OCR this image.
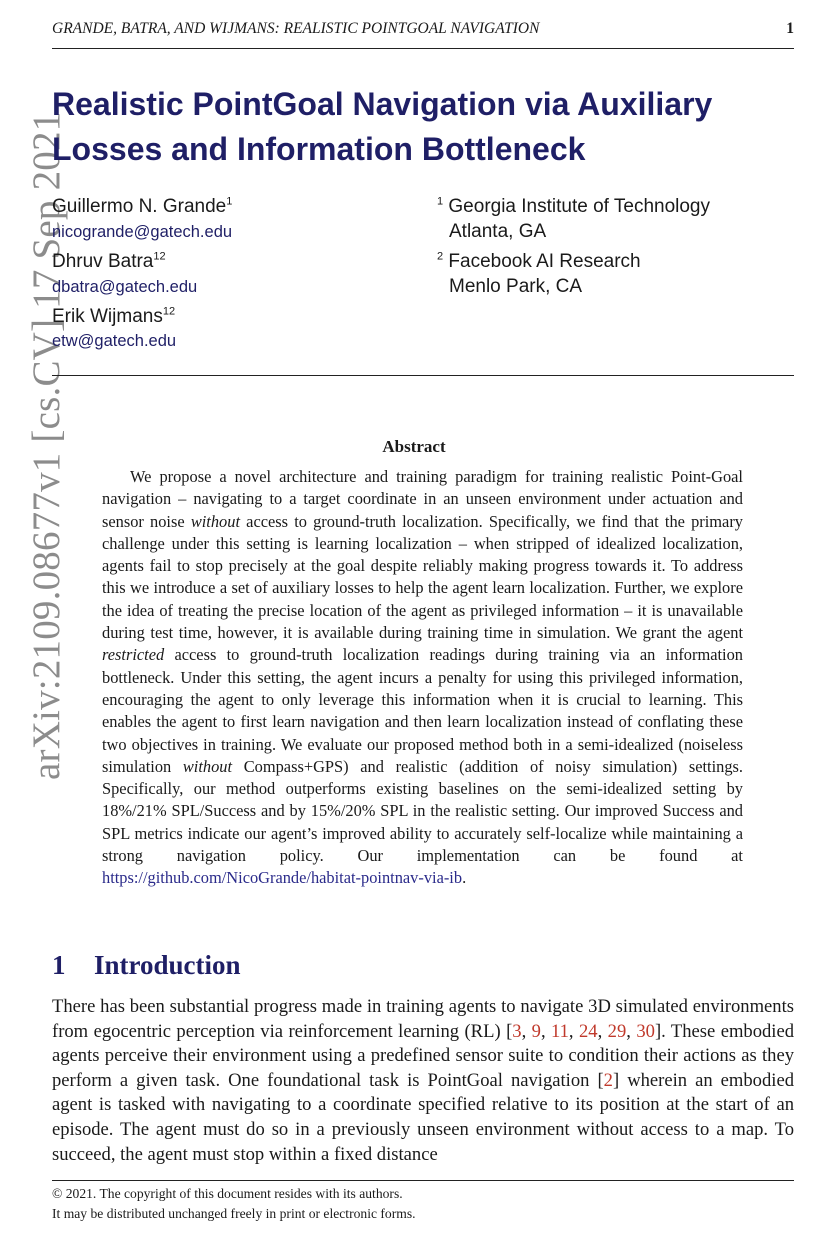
GRANDE, BATRA, AND WIJMANS: REALISTIC POINTGOAL NAVIGATION	1
arXiv:2109.08677v1 [cs.CV] 17 Sep 2021
Realistic PointGoal Navigation via Auxiliary
Losses and Information Bottleneck
Guillermo N. Grande$^1$
nicogrande@gatech.edu
Dhruv Batra$^{12}$
dbatra@gatech.edu
Erik Wijmans$^{12}$
etw@gatech.edu
$^1$ Georgia Institute of Technology
Atlanta, GA
$^2$ Facebook AI Research
Menlo Park, CA
Abstract

We propose a novel architecture and training paradigm for training realistic Point-Goal navigation – navigating to a target coordinate in an unseen environment under actuation and sensor noise without access to ground-truth localization. Specifically, we find that the primary challenge under this setting is learning localization – when stripped of idealized localization, agents fail to stop precisely at the goal despite reliably making progress towards it. To address this we introduce a set of auxiliary losses to help the agent learn localization. Further, we explore the idea of treating the precise location of the agent as privileged information – it is unavailable during test time, however, it is available during training time in simulation. We grant the agent restricted access to ground-truth localization readings during training via an information bottleneck. Under this setting, the agent incurs a penalty for using this privileged information, encouraging the agent to only leverage this information when it is crucial to learning. This enables the agent to first learn navigation and then learn localization instead of conflating these two objectives in training. We evaluate our proposed method both in a semi-idealized (noiseless simulation without Compass+GPS) and realistic (addition of noisy simulation) settings. Specifically, our method outperforms existing baselines on the semi-idealized setting by 18%/21% SPL/Success and by 15%/20% SPL in the realistic setting. Our improved Success and SPL metrics indicate our agent’s improved ability to accurately self-localize while maintaining a strong navigation policy. Our implementation can be found at https://github.com/NicoGrande/habitat-pointnav-via-ib.

1 Introduction

There has been substantial progress made in training agents to navigate 3D simulated environments from egocentric perception via reinforcement learning (RL) [3, 9, 11, 24, 29, 30]. These embodied agents perceive their environment using a predefined sensor suite to condition their actions as they perform a given task. One foundational task is PointGoal navigation [2] wherein an embodied agent is tasked with navigating to a coordinate specified relative to its position at the start of an episode. The agent must do so in a previously unseen environment without access to a map. To succeed, the agent must stop within a fixed distance

© 2021. The copyright of this document resides with its authors.
It may be distributed unchanged freely in print or electronic forms.
